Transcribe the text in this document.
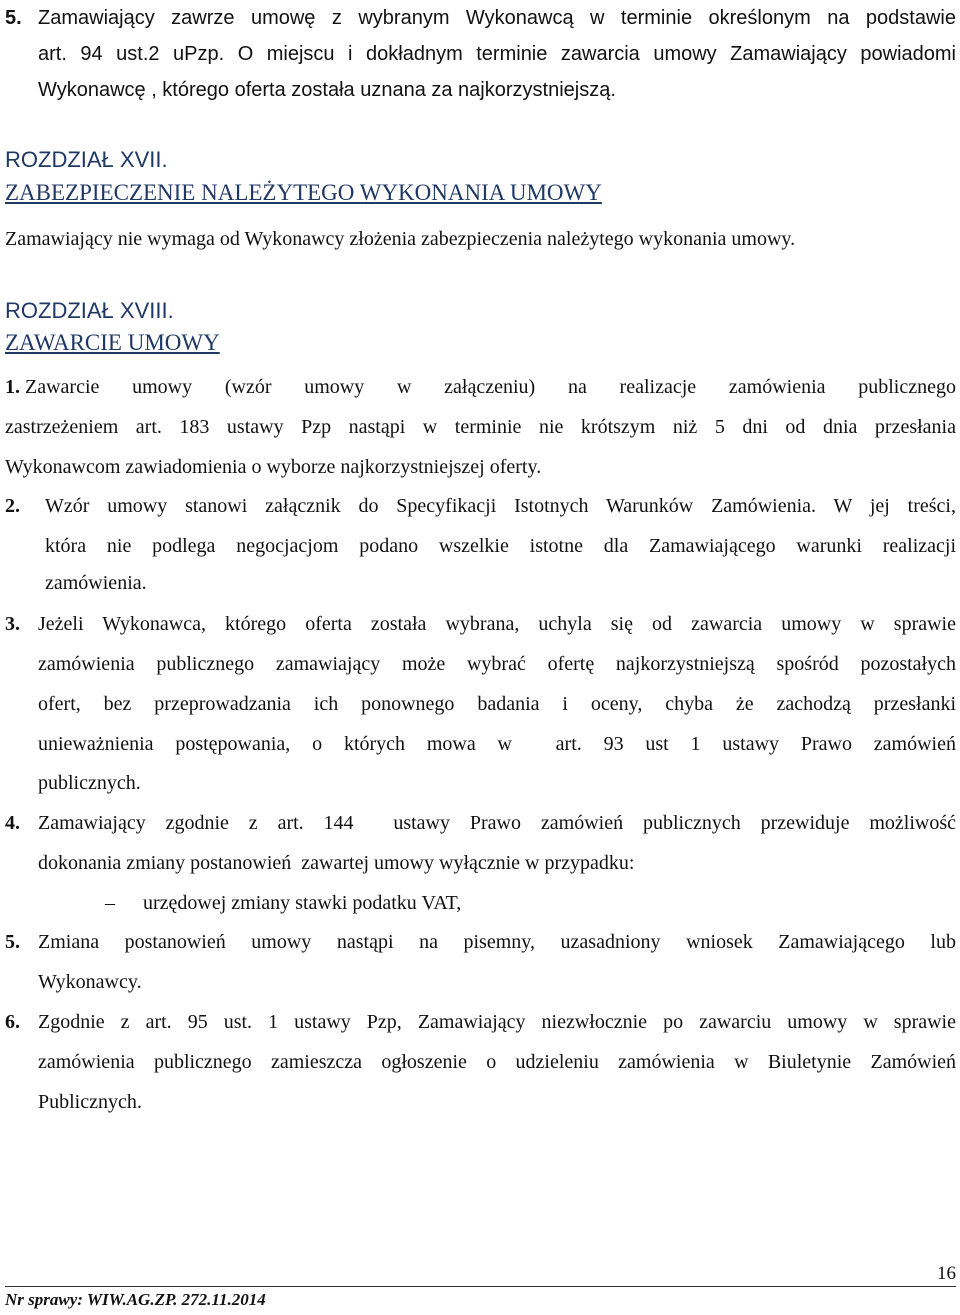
5. Zamawiający zawrze umowę z wybranym Wykonawcą w terminie określonym na podstawie
art. 94 ust.2 uPzp. O miejscu i dokładnym terminie zawarcia umowy Zamawiający powiadomi
Wykonawcę , którego oferta została uznana za najkorzystniejszą.
ROZDZIAŁ XVII.
ZABEZPIECZENIE NALEŻYTEGO WYKONANIA UMOWY
Zamawiający nie wymaga od Wykonawcy złożenia zabezpieczenia należytego wykonania umowy.
ROZDZIAŁ XVIII.
ZAWARCIE UMOWY
1. Zawarcie umowy (wzór umowy w załączeniu) na realizacje zamówienia publicznego
zastrzeżeniem art. 183 ustawy Pzp nastąpi w terminie nie krótszym niż 5 dni od dnia przesłania
Wykonawcom zawiadomienia o wyborze najkorzystniejszej oferty.
2.	Wzór umowy stanowi załącznik do Specyfikacji Istotnych Warunków Zamówienia. W jej treści,
która nie podlega negocjacjom podano wszelkie istotne dla Zamawiającego warunki realizacji
zamówienia.
3. Jeżeli Wykonawca, którego oferta została wybrana, uchyla się od zawarcia umowy w sprawie
zamówienia publicznego zamawiający może wybrać ofertę najkorzystniejszą spośród pozostałych
ofert, bez przeprowadzania ich ponownego badania i oceny, chyba że zachodzą przesłanki
unieważnienia postępowania, o których mowa w  art. 93 ust 1 ustawy Prawo zamówień
publicznych.
4. Zamawiający zgodnie z art. 144  ustawy Prawo zamówień publicznych przewiduje możliwość
dokonania zmiany postanowień  zawartej umowy wyłącznie w przypadku:
–	urzędowej zmiany stawki podatku VAT,
5. Zmiana postanowień umowy nastąpi na pisemny, uzasadniony wniosek Zamawiającego lub
Wykonawcy.
6. Zgodnie z art. 95 ust. 1 ustawy Pzp, Zamawiający niezwłocznie po zawarciu umowy w sprawie
zamówienia publicznego zamieszcza ogłoszenie o udzieleniu zamówienia w Biuletynie Zamówień
Publicznych.
16
Nr sprawy: WIW.AG.ZP. 272.11.2014
